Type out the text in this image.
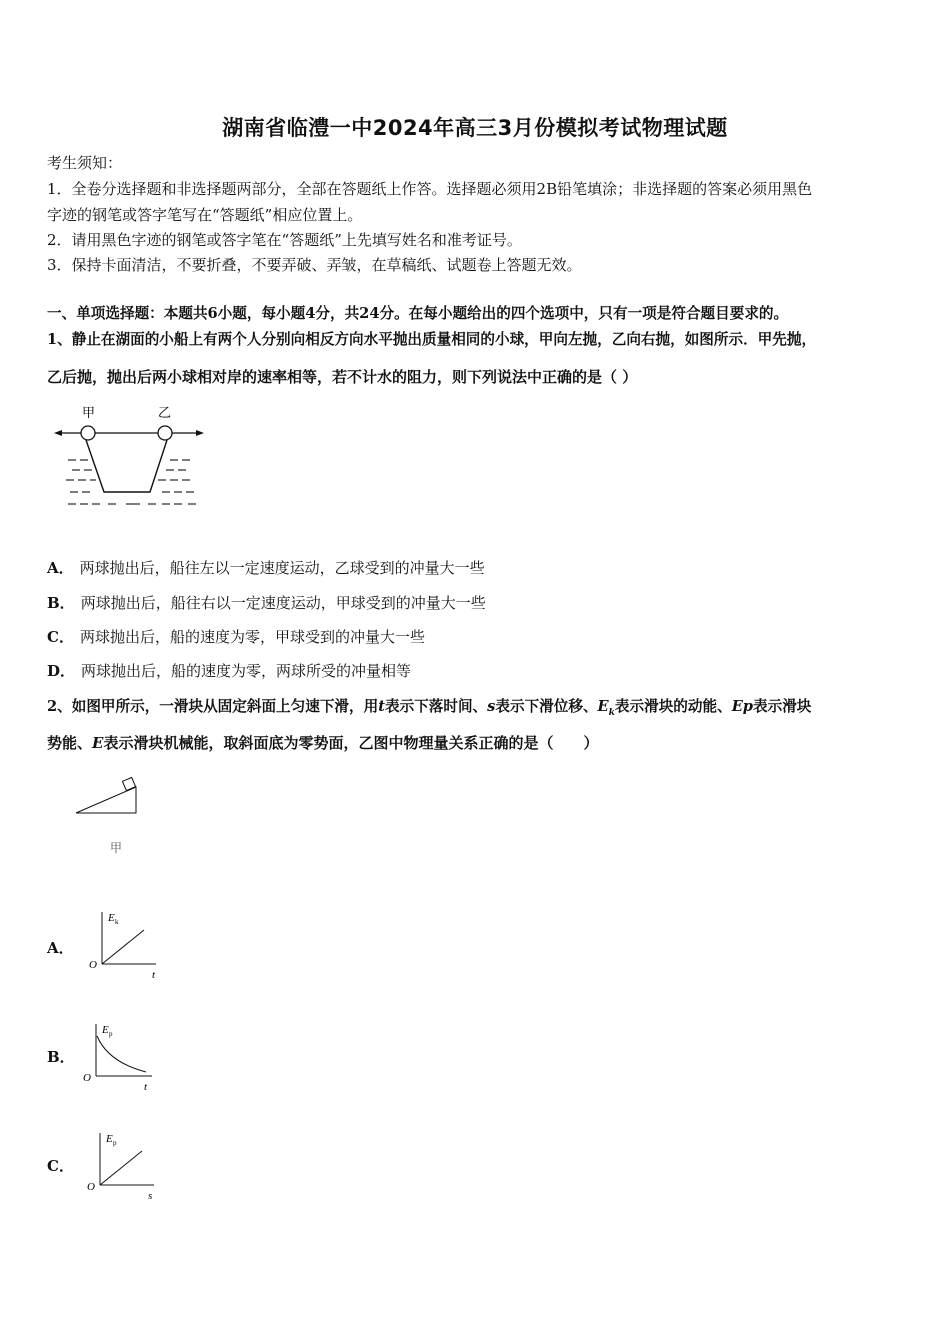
湖南省临澧一中2024年高三3月份模拟考试物理试题
考生须知：
1．全卷分选择题和非选择题两部分，全部在答题纸上作答。选择题必须用2B铅笔填涂；非选择题的答案必须用黑色
字迹的钢笔或答字笔写在“答题纸”相应位置上。
2．请用黑色字迹的钢笔或答字笔在“答题纸”上先填写姓名和准考证号。
3．保持卡面清洁，不要折叠，不要弄破、弄皱，在草稿纸、试题卷上答题无效。
一、单项选择题：本题共6小题，每小题4分，共24分。在每小题给出的四个选项中，只有一项是符合题目要求的。
1、静止在湖面的小船上有两个人分别向相反方向水平抛出质量相同的小球，甲向左抛，乙向右抛，如图所示．甲先抛，
乙后抛，抛出后两小球相对岸的速率相等，若不计水的阻力，则下列说法中正确的是（ ）
甲	乙
A． 两球抛出后，船往左以一定速度运动，乙球受到的冲量大一些
B． 两球抛出后，船往右以一定速度运动，甲球受到的冲量大一些
C． 两球抛出后，船的速度为零，甲球受到的冲量大一些
D． 两球抛出后，船的速度为零，两球所受的冲量相等
2、如图甲所示，一滑块从固定斜面上匀速下滑，用t表示下落时间、s表示下滑位移、$E_k$表示滑块的动能、Ep表示滑块
势能、E表示滑块机械能，取斜面底为零势面，乙图中物理量关系正确的是（　　）
甲
A．
E k
O
t
B．
E p
O
t
C．
E p
O
s
